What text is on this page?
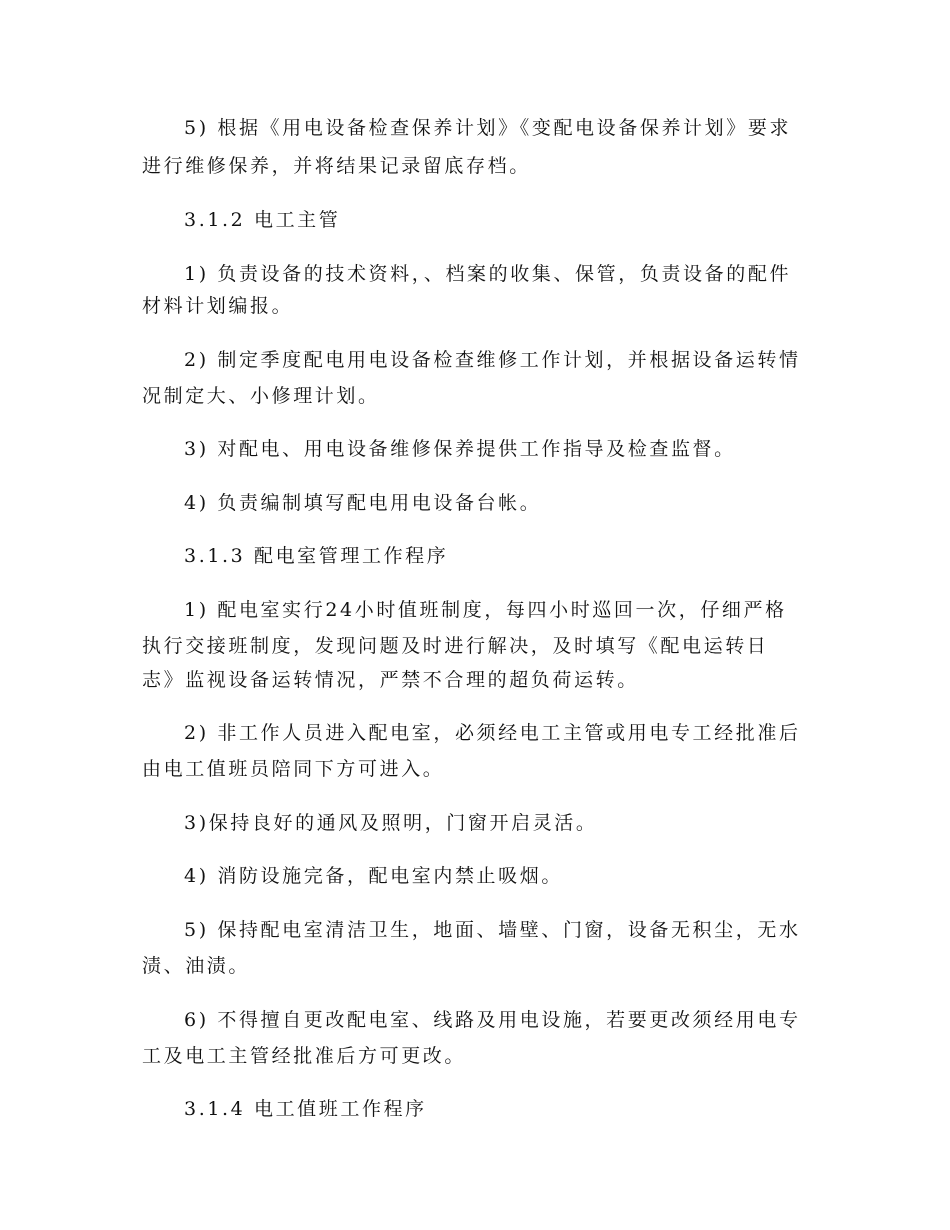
5) 根据《用电设备检查保养计划》《变配电设备保养计划》要求
进行维修保养，并将结果记录留底存档。
3.1.2 电工主管
1) 负责设备的技术资料，、档案的收集、保管，负责设备的配件
材料计划编报。
2) 制定季度配电用电设备检查维修工作计划，并根据设备运转情
况制定大、小修理计划。
3) 对配电、用电设备维修保养提供工作指导及检查监督。
4) 负责编制填写配电用电设备台帐。
3.1.3 配电室管理工作程序
1) 配电室实行24小时值班制度，每四小时巡回一次，仔细严格
执行交接班制度，发现问题及时进行解决，及时填写《配电运转日
志》监视设备运转情况，严禁不合理的超负荷运转。
2) 非工作人员进入配电室，必须经电工主管或用电专工经批准后
由电工值班员陪同下方可进入。
3)保持良好的通风及照明，门窗开启灵活。
4) 消防设施完备，配电室内禁止吸烟。
5) 保持配电室清洁卫生，地面、墙壁、门窗，设备无积尘，无水
渍、油渍。
6) 不得擅自更改配电室、线路及用电设施，若要更改须经用电专
工及电工主管经批准后方可更改。
3.1.4 电工值班工作程序
